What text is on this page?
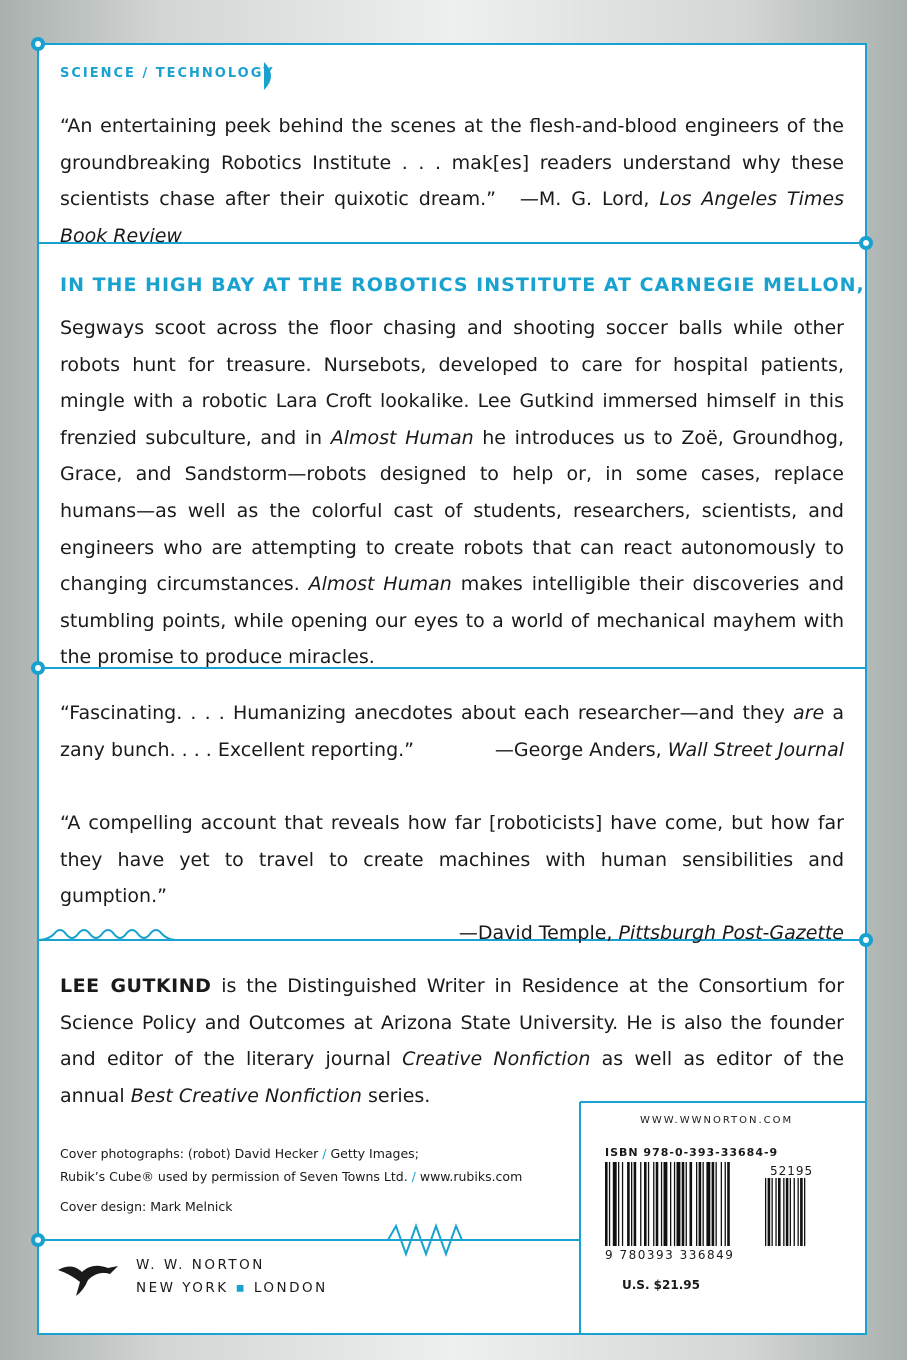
SCIENCE / TECHNOLOGY
“An entertaining peek behind the scenes at the flesh-and-blood engineers of the groundbreaking Robotics Institute . . . mak[es] readers understand why these scientists chase after their quixotic dream.” —M. G. Lord, Los Angeles Times Book Review
IN THE HIGH BAY AT THE ROBOTICS INSTITUTE AT CARNEGIE MELLON,
Segways scoot across the floor chasing and shooting soccer balls while other robots hunt for treasure. Nursebots, developed to care for hospital patients, mingle with a robotic Lara Croft lookalike. Lee Gutkind immersed himself in this frenzied subculture, and in Almost Human he introduces us to Zoë, Groundhog, Grace, and Sandstorm—robots designed to help or, in some cases, replace humans—as well as the colorful cast of students, researchers, scientists, and engineers who are attempting to create robots that can react autonomously to changing circumstances. Almost Human makes intelligible their discoveries and stumbling points, while opening our eyes to a world of mechanical mayhem with the promise to produce miracles.
“Fascinating. . . . Humanizing anecdotes about each researcher—and they are a zany bunch. . . . Excellent reporting.”	—George Anders, Wall Street Journal
“A compelling account that reveals how far [roboticists] have come, but how far they have yet to travel to create machines with human sensibilities and gumption.”
—David Temple, Pittsburgh Post-Gazette
LEE GUTKIND is the Distinguished Writer in Residence at the Consortium for Science Policy and Outcomes at Arizona State University. He is also the founder and editor of the literary journal Creative Nonfiction as well as editor of the annual Best Creative Nonfiction series.
Cover photographs: (robot) David Hecker / Getty Images;
Rubik’s Cube® used by permission of Seven Towns Ltd. / www.rubiks.com
Cover design: Mark Melnick
W. W. NORTON
NEW YORK ▪ LONDON
WWW.WWNORTON.COM
ISBN 978-0-393-33684-9
52195
9 780393 336849
U.S. $21.95
